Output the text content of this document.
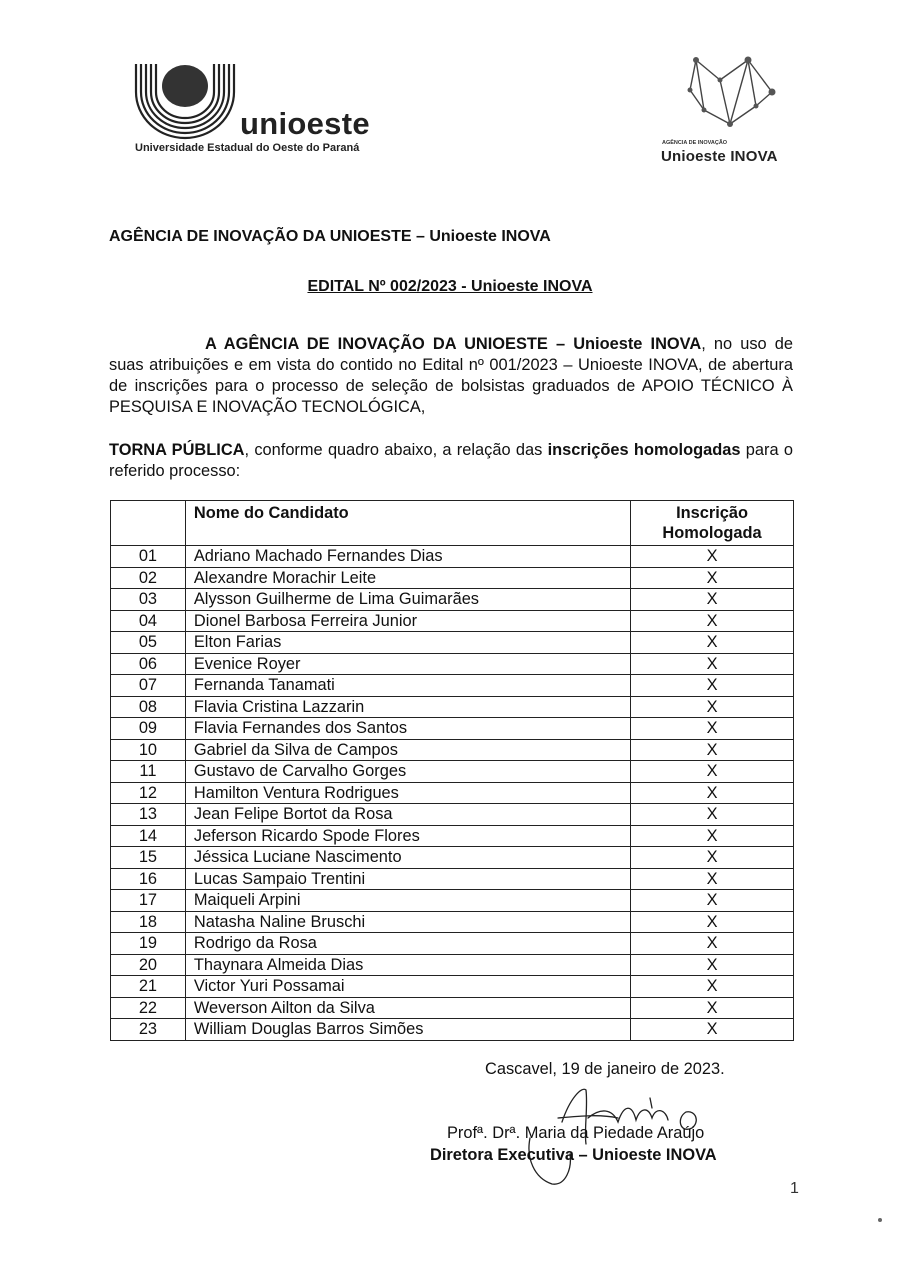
unioeste
Universidade Estadual do Oeste do Paraná	AGÊNCIA DE INOVAÇÃO
Unioeste INOVA
AGÊNCIA DE INOVAÇÃO DA UNIOESTE – Unioeste INOVA
EDITAL Nº 002/2023 - Unioeste INOVA
A AGÊNCIA DE INOVAÇÃO DA UNIOESTE – Unioeste INOVA, no uso de suas atribuições e em vista do contido no Edital nº 001/2023 – Unioeste INOVA, de abertura de inscrições para o processo de seleção de bolsistas graduados de APOIO TÉCNICO À PESQUISA E INOVAÇÃO TECNOLÓGICA,
TORNA PÚBLICA, conforme quadro abaixo, a relação das inscrições homologadas para o referido processo:
	Nome do Candidato	Inscrição
Homologada
01	Adriano Machado Fernandes Dias	X
02	Alexandre Morachir Leite	X
03	Alysson Guilherme de Lima Guimarães	X
04	Dionel Barbosa Ferreira Junior	X
05	Elton Farias	X
06	Evenice Royer	X
07	Fernanda Tanamati	X
08	Flavia Cristina Lazzarin	X
09	Flavia Fernandes dos Santos	X
10	Gabriel da Silva de Campos	X
11	Gustavo de Carvalho Gorges	X
12	Hamilton Ventura Rodrigues	X
13	Jean Felipe Bortot da Rosa	X
14	Jeferson Ricardo Spode Flores	X
15	Jéssica Luciane Nascimento	X
16	Lucas Sampaio Trentini	X
17	Maiqueli Arpini	X
18	Natasha Naline Bruschi	X
19	Rodrigo da Rosa	X
20	Thaynara Almeida Dias	X
21	Victor Yuri Possamai	X
22	Weverson Ailton da Silva	X
23	William Douglas Barros Simões	X
Cascavel, 19 de janeiro de 2023.
Profª. Drª. Maria da Piedade Araújo
Diretora Executiva – Unioeste INOVA
1
